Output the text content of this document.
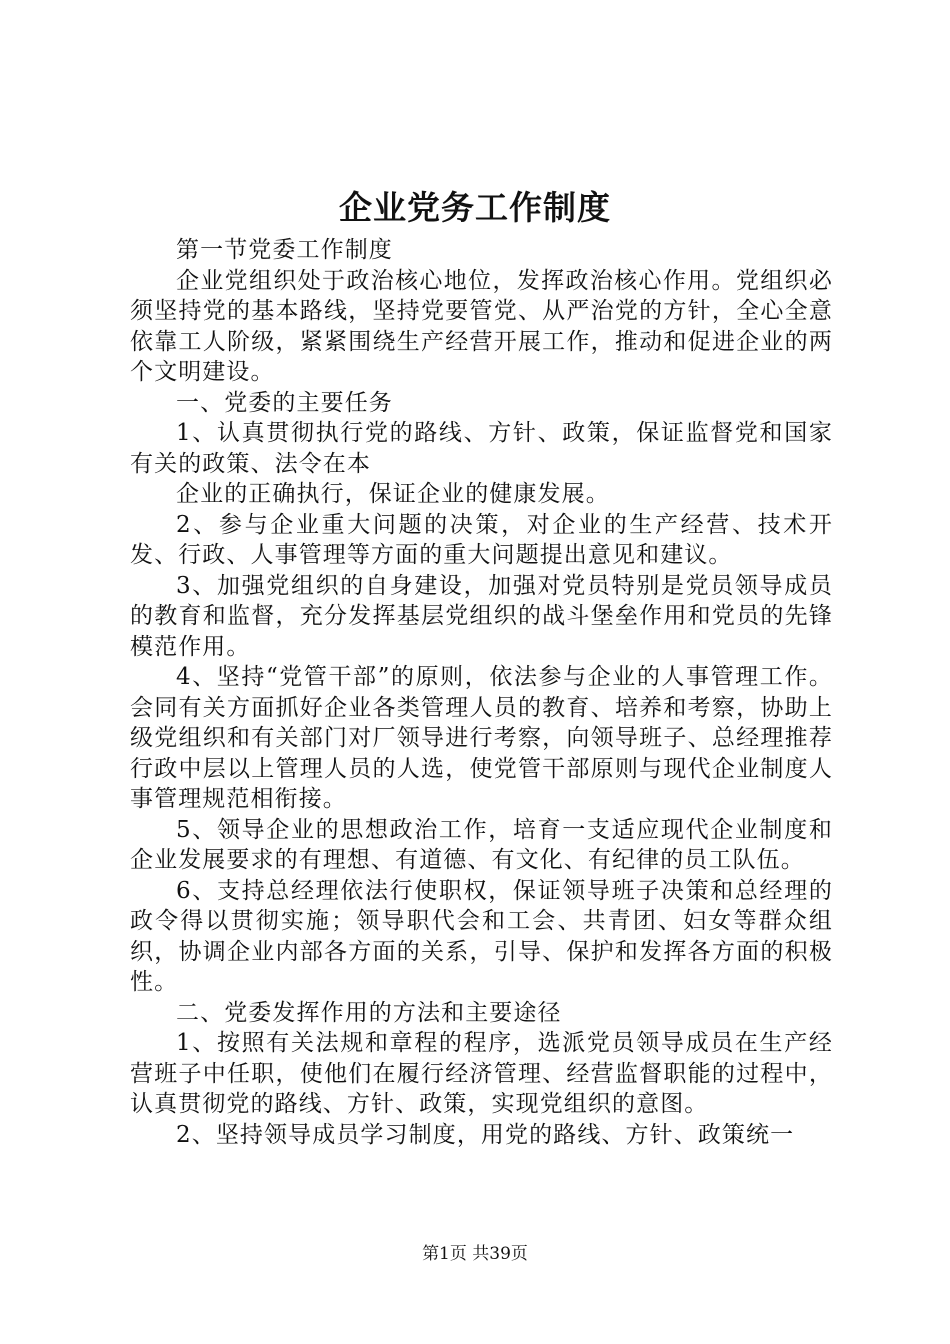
企业党务工作制度

第一节党委工作制度

企业党组织处于政治核心地位，发挥政治核心作用。党组织必须坚持党的基本路线，坚持党要管党、从严治党的方针，全心全意依靠工人阶级，紧紧围绕生产经营开展工作，推动和促进企业的两个文明建设。

一、党委的主要任务

1、认真贯彻执行党的路线、方针、政策，保证监督党和国家有关的政策、法令在本

企业的正确执行，保证企业的健康发展。

2、参与企业重大问题的决策，对企业的生产经营、技术开发、行政、人事管理等方面的重大问题提出意见和建议。

3、加强党组织的自身建设，加强对党员特别是党员领导成员的教育和监督，充分发挥基层党组织的战斗堡垒作用和党员的先锋模范作用。

4、坚持“党管干部”的原则，依法参与企业的人事管理工作。会同有关方面抓好企业各类管理人员的教育、培养和考察，协助上级党组织和有关部门对厂领导进行考察，向领导班子、总经理推荐行政中层以上管理人员的人选，使党管干部原则与现代企业制度人事管理规范相衔接。

5、领导企业的思想政治工作，培育一支适应现代企业制度和企业发展要求的有理想、有道德、有文化、有纪律的员工队伍。

6、支持总经理依法行使职权，保证领导班子决策和总经理的政令得以贯彻实施；领导职代会和工会、共青团、妇女等群众组织，协调企业内部各方面的关系，引导、保护和发挥各方面的积极性。

二、党委发挥作用的方法和主要途径

1、按照有关法规和章程的程序，选派党员领导成员在生产经营班子中任职，使他们在履行经济管理、经营监督职能的过程中，认真贯彻党的路线、方针、政策，实现党组织的意图。

2、坚持领导成员学习制度，用党的路线、方针、政策统一

第1页 共39页
